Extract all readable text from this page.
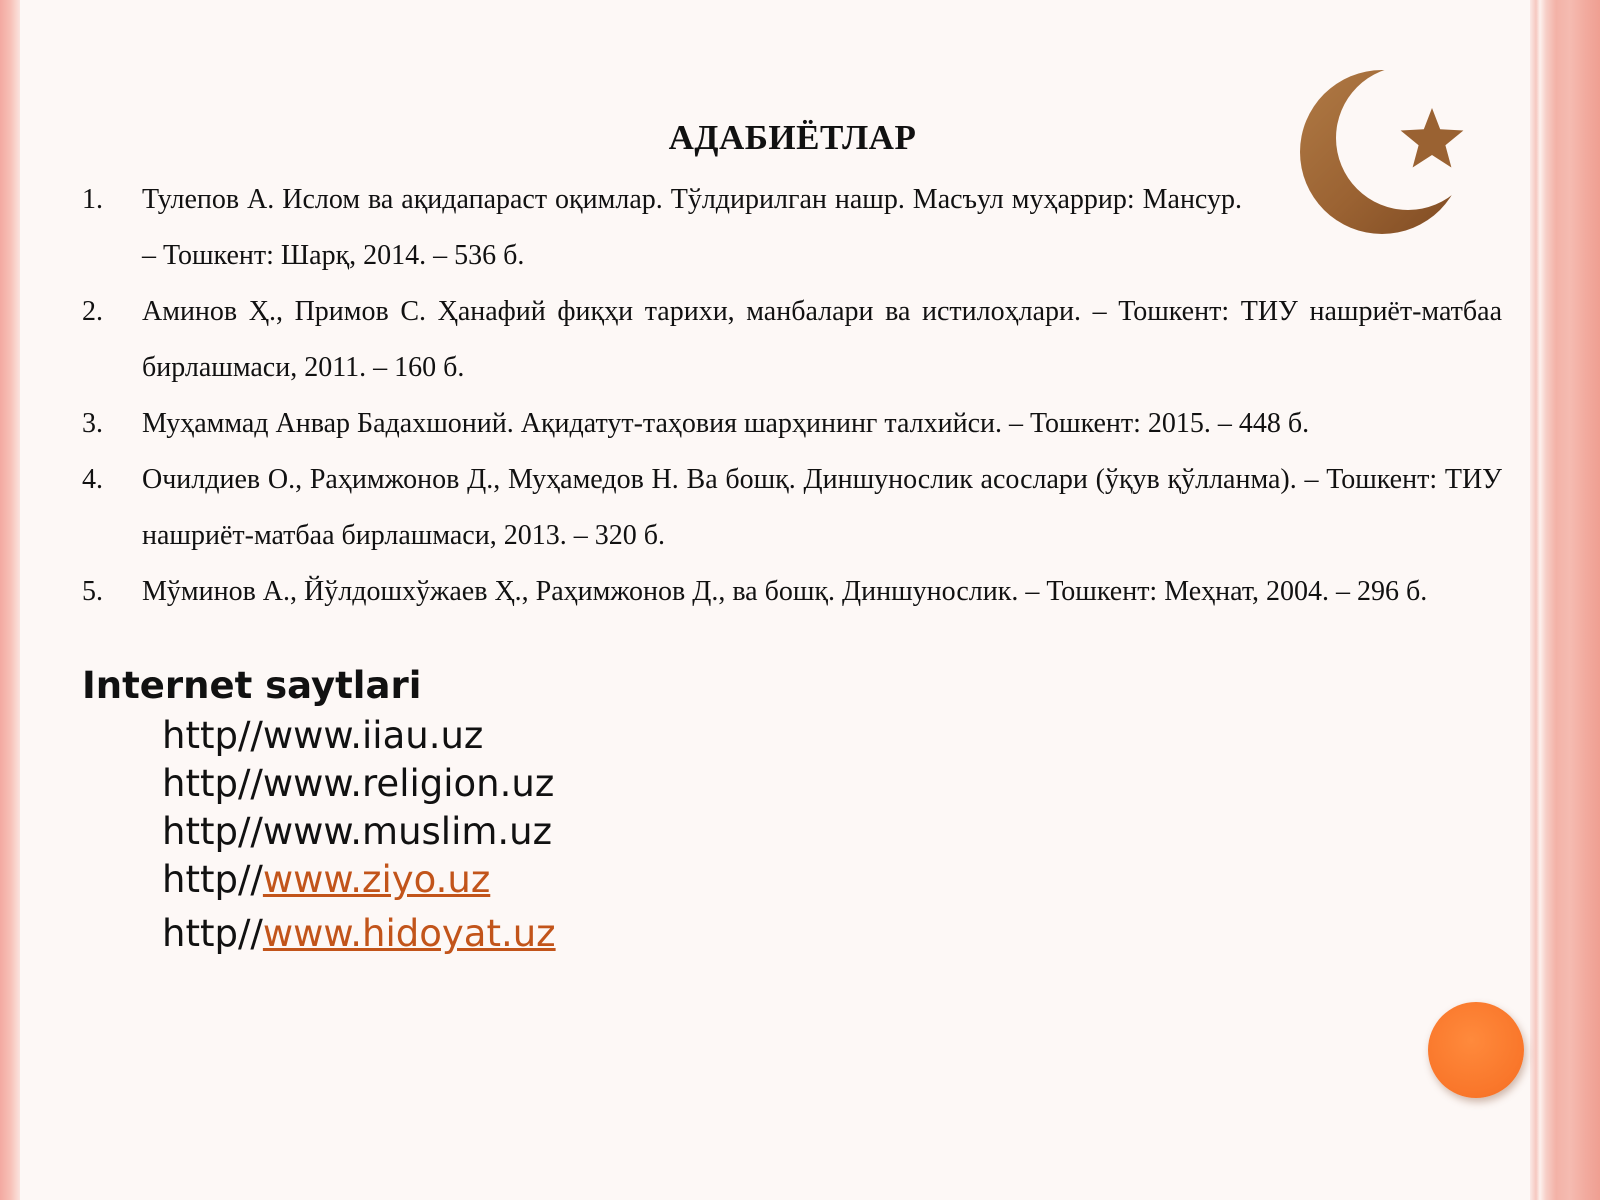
АДАБИЁТЛАР
1.	Тулепов А. Ислом ва ақидапараст оқимлар. Тўлдирилган нашр. Масъул муҳаррир: Мансур. – Тошкент: Шарқ, 2014. – 536 б.
2.	Аминов Ҳ., Примов С. Ҳанафий фиқҳи тарихи, манбалари ва истилоҳлари. – Тошкент: ТИУ нашриёт-матбаа бирлашмаси, 2011. – 160 б.
3.	Муҳаммад Анвар Бадахшоний. Ақидатут-таҳовия шарҳининг талхийси. – Тошкент: 2015. – 448 б.
4.	Очилдиев О., Раҳимжонов Д., Муҳамедов Н. Ва бошқ. Диншунослик асослари (ўқув қўлланма). – Тошкент: ТИУ нашриёт-матбаа бирлашмаси, 2013. – 320 б.
5.	Мўминов А., Йўлдошхўжаев Ҳ., Раҳимжонов Д., ва бошқ. Диншунослик. – Тошкент: Меҳнат, 2004. – 296 б.
Internet saytlari
http//www.iiau.uz
http//www.religion.uz
http//www.muslim.uz
http//www.ziyo.uz
http//www.hidoyat.uz
